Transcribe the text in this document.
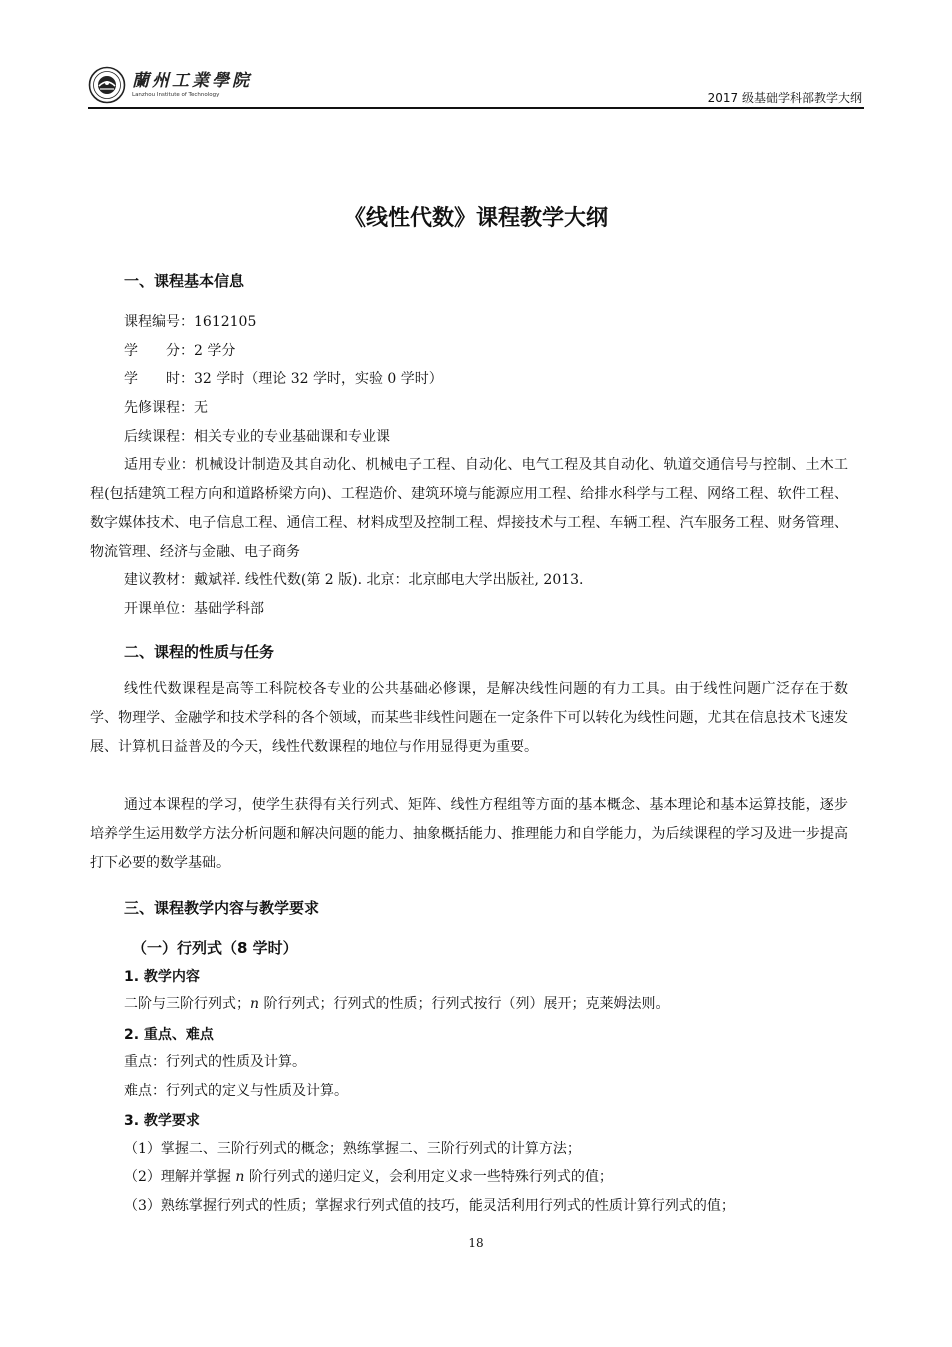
蘭州工業學院
Lanzhou Institute of Technology	2017 级基础学科部教学大纲
《线性代数》课程教学大纲
一、课程基本信息
课程编号：1612105
学　　分：2 学分
学　　时：32 学时（理论 32 学时，实验 0 学时）
先修课程：无
后续课程：相关专业的专业基础课和专业课

适用专业：机械设计制造及其自动化、机械电子工程、自动化、电气工程及其自动化、轨道交通信号与控制、土木工程(包括建筑工程方向和道路桥梁方向)、工程造价、建筑环境与能源应用工程、给排水科学与工程、网络工程、软件工程、数字媒体技术、电子信息工程、通信工程、材料成型及控制工程、焊接技术与工程、车辆工程、汽车服务工程、财务管理、物流管理、经济与金融、电子商务

建议教材：戴斌祥. 线性代数(第 2 版). 北京：北京邮电大学出版社, 2013.
开课单位：基础学科部
二、课程的性质与任务

线性代数课程是高等工科院校各专业的公共基础必修课，是解决线性问题的有力工具。由于线性问题广泛存在于数学、物理学、金融学和技术学科的各个领域，而某些非线性问题在一定条件下可以转化为线性问题，尤其在信息技术飞速发展、计算机日益普及的今天，线性代数课程的地位与作用显得更为重要。

通过本课程的学习，使学生获得有关行列式、矩阵、线性方程组等方面的基本概念、基本理论和基本运算技能，逐步培养学生运用数学方法分析问题和解决问题的能力、抽象概括能力、推理能力和自学能力，为后续课程的学习及进一步提高打下必要的数学基础。

三、课程教学内容与教学要求
（一）行列式（8 学时）
1. 教学内容
二阶与三阶行列式；n 阶行列式；行列式的性质；行列式按行（列）展开；克莱姆法则。
2. 重点、难点
重点：行列式的性质及计算。
难点：行列式的定义与性质及计算。
3. 教学要求
（1）掌握二、三阶行列式的概念；熟练掌握二、三阶行列式的计算方法；
（2）理解并掌握 n 阶行列式的递归定义，会利用定义求一些特殊行列式的值；
（3）熟练掌握行列式的性质；掌握求行列式值的技巧，能灵活利用行列式的性质计算行列式的值；
18
